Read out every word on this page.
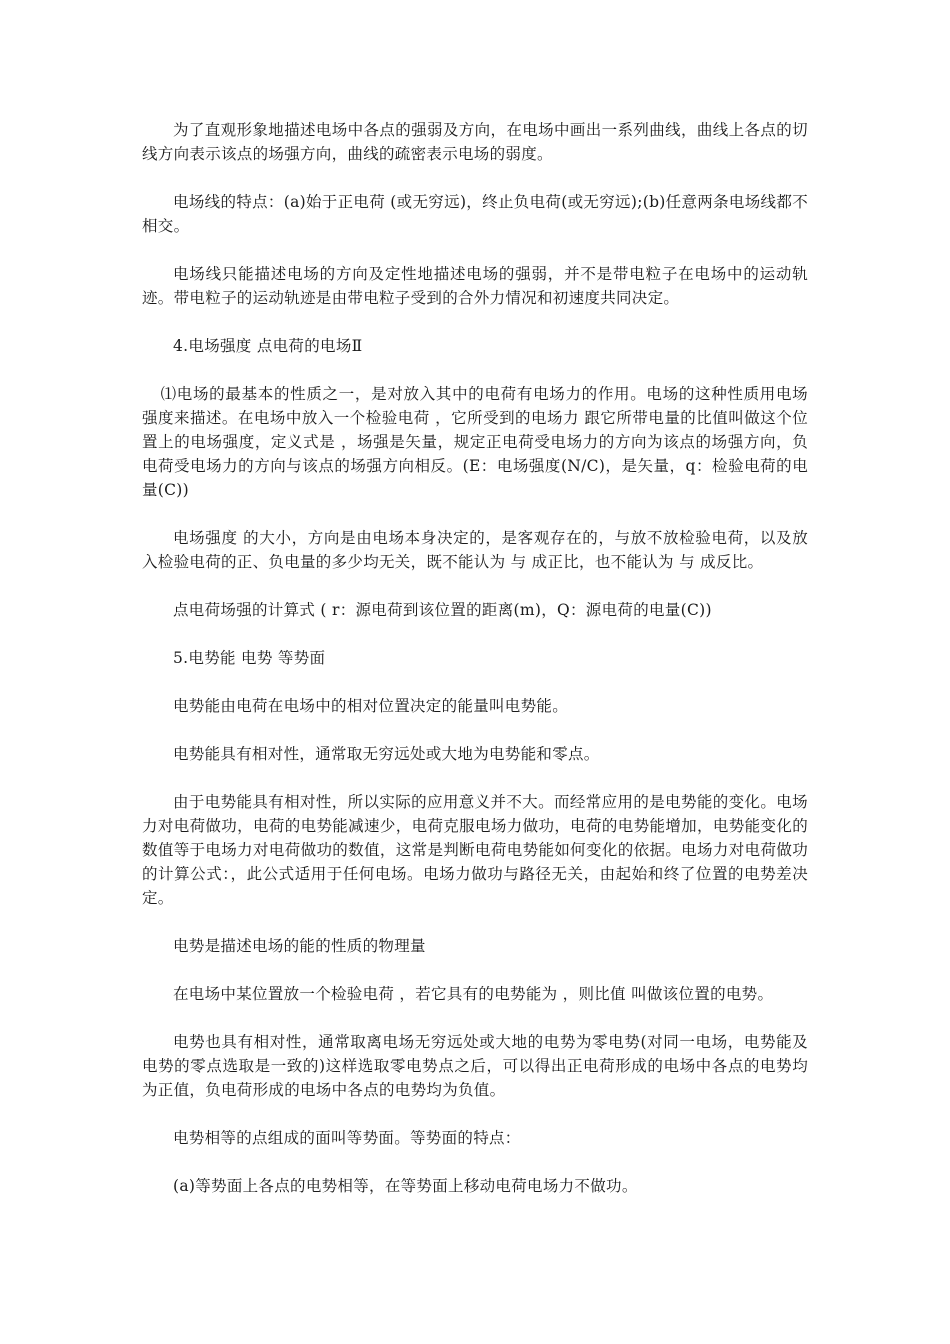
为了直观形象地描述电场中各点的强弱及方向，在电场中画出一系列曲线，曲线上各点的切线方向表示该点的场强方向，曲线的疏密表示电场的弱度。

电场线的特点：(a)始于正电荷 (或无穷远)，终止负电荷(或无穷远);(b)任意两条电场线都不相交。

电场线只能描述电场的方向及定性地描述电场的强弱，并不是带电粒子在电场中的运动轨迹。带电粒子的运动轨迹是由带电粒子受到的合外力情况和初速度共同决定。

4.电场强度 点电荷的电场Ⅱ

⑴电场的最基本的性质之一，是对放入其中的电荷有电场力的作用。电场的这种性质用电场强度来描述。在电场中放入一个检验电荷 ，它所受到的电场力 跟它所带电量的比值叫做这个位置上的电场强度，定义式是 ，场强是矢量，规定正电荷受电场力的方向为该点的场强方向，负电荷受电场力的方向与该点的场强方向相反。(E：电场强度(N/C)，是矢量，q：检验电荷的电量(C))

电场强度 的大小，方向是由电场本身决定的，是客观存在的，与放不放检验电荷，以及放入检验电荷的正、负电量的多少均无关，既不能认为 与 成正比，也不能认为 与 成反比。

点电荷场强的计算式 ( r：源电荷到该位置的距离(m)，Q：源电荷的电量(C))

5.电势能 电势 等势面

电势能由电荷在电场中的相对位置决定的能量叫电势能。

电势能具有相对性，通常取无穷远处或大地为电势能和零点。

由于电势能具有相对性，所以实际的应用意义并不大。而经常应用的是电势能的变化。电场力对电荷做功，电荷的电势能减速少，电荷克服电场力做功，电荷的电势能增加，电势能变化的数值等于电场力对电荷做功的数值，这常是判断电荷电势能如何变化的依据。电场力对电荷做功的计算公式：，此公式适用于任何电场。电场力做功与路径无关，由起始和终了位置的电势差决定。

电势是描述电场的能的性质的物理量

在电场中某位置放一个检验电荷 ，若它具有的电势能为 ，则比值 叫做该位置的电势。

电势也具有相对性，通常取离电场无穷远处或大地的电势为零电势(对同一电场，电势能及电势的零点选取是一致的)这样选取零电势点之后，可以得出正电荷形成的电场中各点的电势均为正值，负电荷形成的电场中各点的电势均为负值。

电势相等的点组成的面叫等势面。等势面的特点：

(a)等势面上各点的电势相等，在等势面上移动电荷电场力不做功。
